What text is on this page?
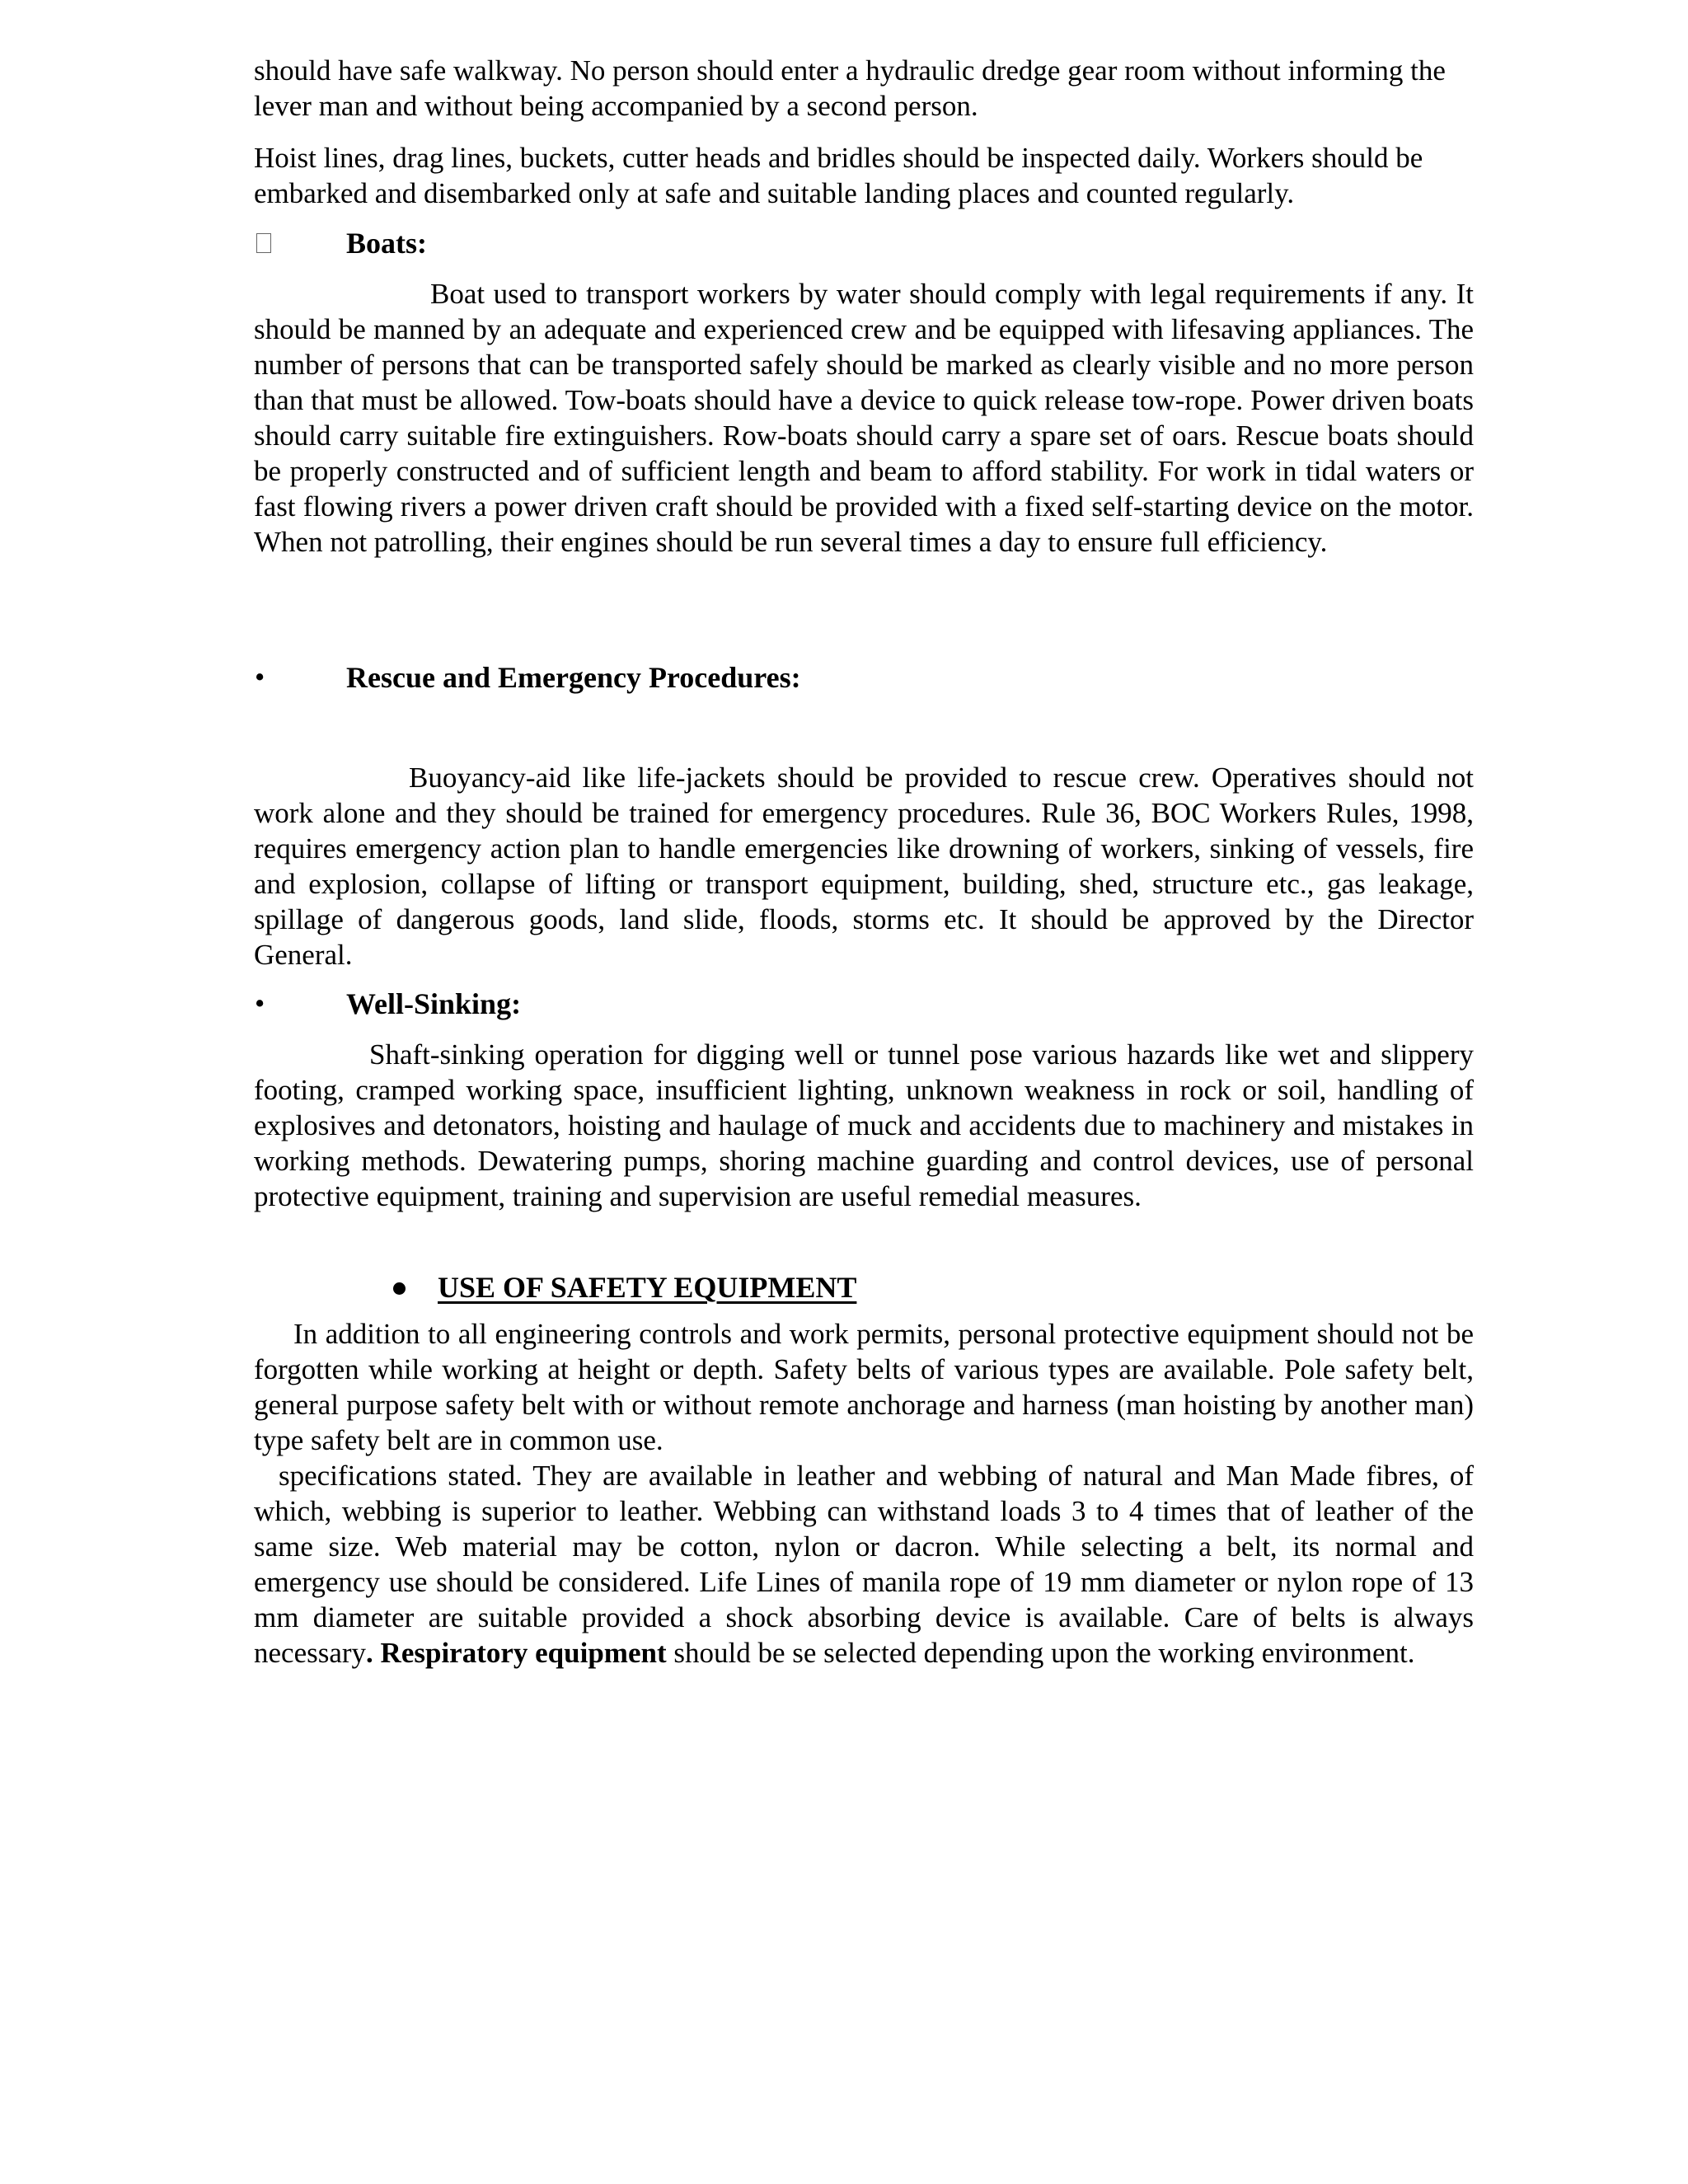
should have safe walkway. No person should enter a hydraulic dredge gear room without informing the lever man and without being accompanied by a second person.

Hoist lines, drag lines, buckets, cutter heads and bridles should be inspected daily. Workers should be embarked and disembarked only at safe and suitable landing places and counted regularly.

Boats:

Boat used to transport workers by water should comply with legal requirements if any. It should be manned by an adequate and experienced crew and be equipped with lifesaving appliances. The number of persons that can be transported safely should be marked as clearly visible and no more person than that must be allowed. Tow-boats should have a device to quick release tow-rope. Power driven boats should carry suitable fire extinguishers. Row-boats should carry a spare set of oars. Rescue boats should be properly constructed and of sufficient length and beam to afford stability. For work in tidal waters or fast flowing rivers a power driven craft should be provided with a fixed self-starting device on the motor. When not patrolling, their engines should be run several times a day to ensure full efficiency.

•	Rescue and Emergency Procedures:

Buoyancy-aid like life-jackets should be provided to rescue crew. Operatives should not work alone and they should be trained for emergency procedures. Rule 36, BOC Workers Rules, 1998, requires emergency action plan to handle emergencies like drowning of workers, sinking of vessels, fire and explosion, collapse of lifting or transport equipment, building, shed, structure etc., gas leakage, spillage of dangerous goods, land slide, floods, storms etc. It should be approved by the Director General.

•	Well-Sinking:

Shaft-sinking operation for digging well or tunnel pose various hazards like wet and slippery footing, cramped working space, insufficient lighting, unknown weakness in rock or soil, handling of explosives and detonators, hoisting and haulage of muck and accidents due to machinery and mistakes in working methods. Dewatering pumps, shoring machine guarding and control devices, use of personal protective equipment, training and supervision are useful remedial measures.

USE OF SAFETY EQUIPMENT

In addition to all engineering controls and work permits, personal protective equipment should not be forgotten while working at height or depth. Safety belts of various types are available. Pole safety belt, general purpose safety belt with or without remote anchorage and harness (man hoisting by another man) type safety belt are in common use.

specifications stated. They are available in leather and webbing of natural and Man Made fibres, of which, webbing is superior to leather. Webbing can withstand loads 3 to 4 times that of leather of the same size. Web material may be cotton, nylon or dacron. While selecting a belt, its normal and emergency use should be considered. Life Lines of manila rope of 19 mm diameter or nylon rope of 13 mm diameter are suitable provided a shock absorbing device is available. Care of belts is always necessary. Respiratory equipment should be se selected depending upon the working environment.
